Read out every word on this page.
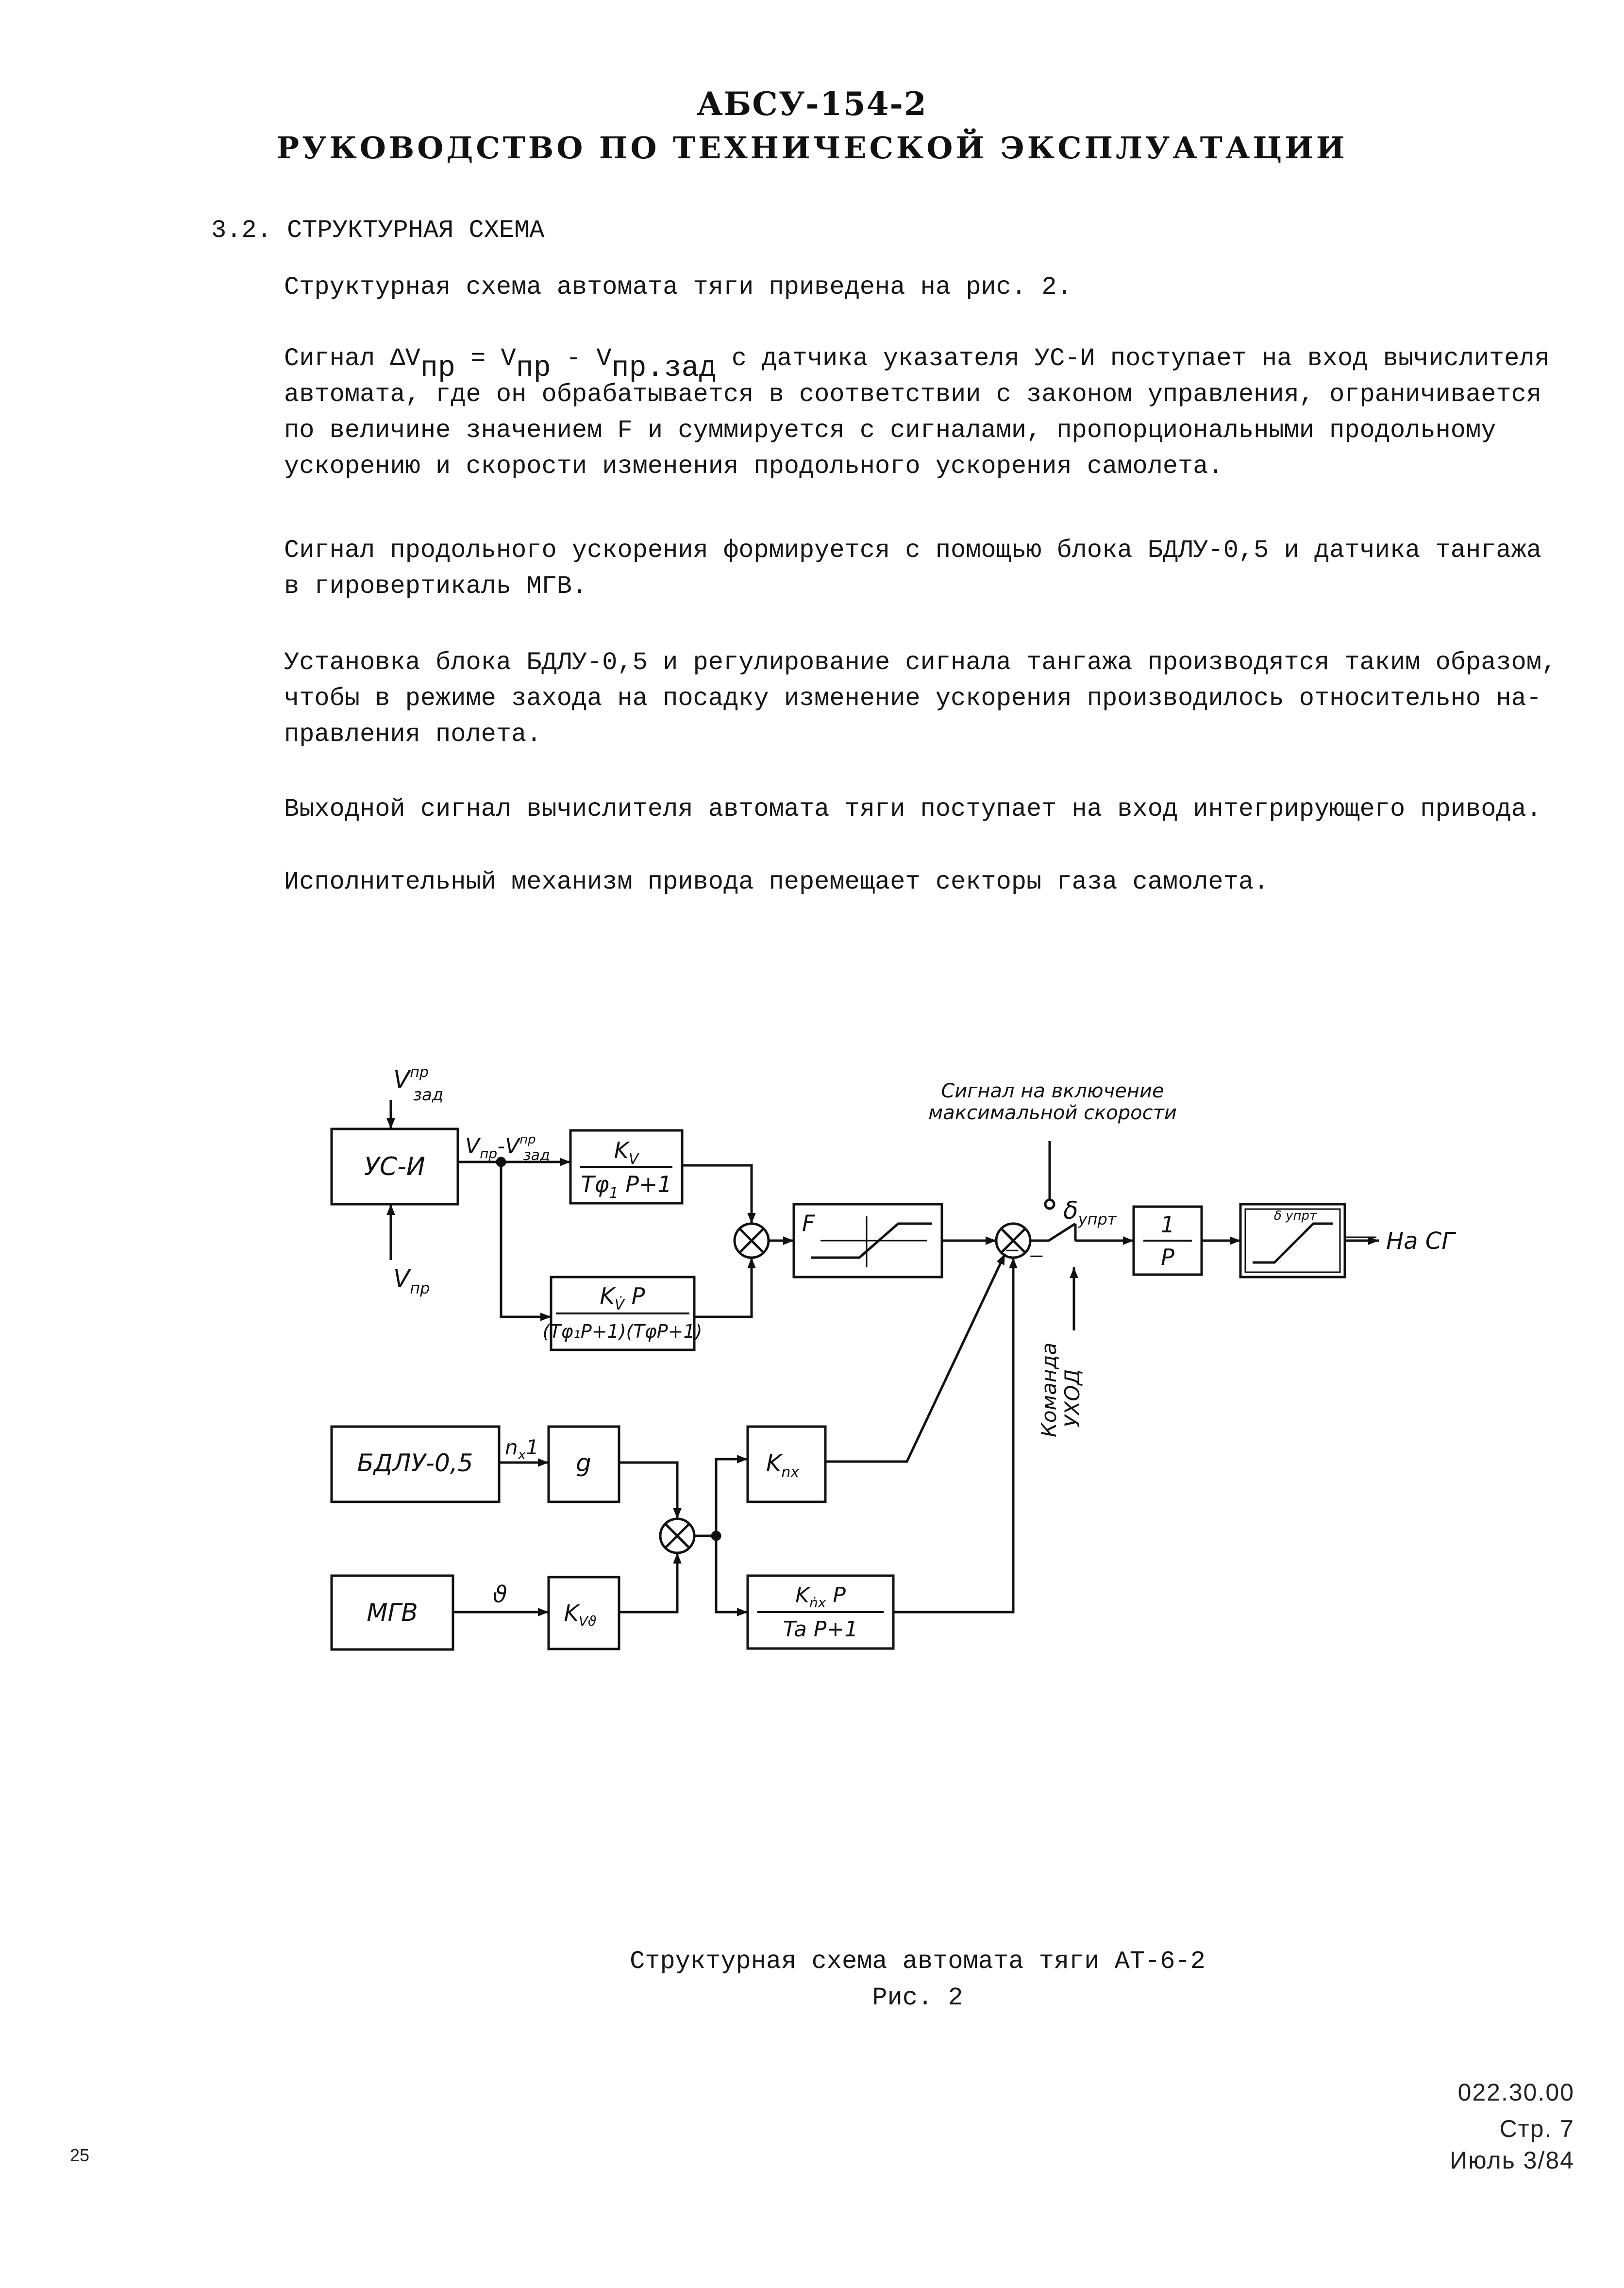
АБСУ-154-2
РУКОВОДСТВО ПО ТЕХНИЧЕСКОЙ ЭКСПЛУАТАЦИИ
3.2. СТРУКТУРНАЯ СХЕМА
Структурная схема автомата тяги приведена на рис. 2.
Сигнал ΔVпр = Vпр - Vпр.зад с датчика указателя УС-И поступает на вход вычислителя
автомата, где он обрабатывается в соответствии с законом управления, ограничивается
по величине значением F и суммируется с сигналами, пропорциональными продольному
ускорению и скорости изменения продольного ускорения самолета.
Сигнал продольного ускорения формируется с помощью блока БДЛУ-0,5 и датчика тангажа
в гировертикаль МГВ.
Установка блока БДЛУ-0,5 и регулирование сигнала тангажа производятся таким образом,
чтобы в режиме захода на посадку изменение ускорения производилось относительно на-
правления полета.
Выходной сигнал вычислителя автомата тяги поступает на вход интегрирующего привода.
Исполнительный механизм привода перемещает секторы газа самолета.
$V^{пр}$ зад
УС-И
$V_{пр}$
$V_{пр}-V^{пр}$ зад	$K_V$
$T\varphi_1$ P+1
$K_{V̇}$ P
(Tφ₁P+1)(TφP+1)
F
Сигнал на включение
максимальной скорости
$\delta_{упрт}$ 1
P
δ упрт
На СГ
− −
Команда УХОД
БДЛУ-0,5
$n_x1$
g
МГВ
ϑ
$K_{Vϑ}$
$K_{nx}$
$K_{ṅx}$ P
Ta P+1
Структурная схема автомата тяги АТ-6-2
Рис. 2
022.30.00
Стр. 7
Июль 3/84
25
